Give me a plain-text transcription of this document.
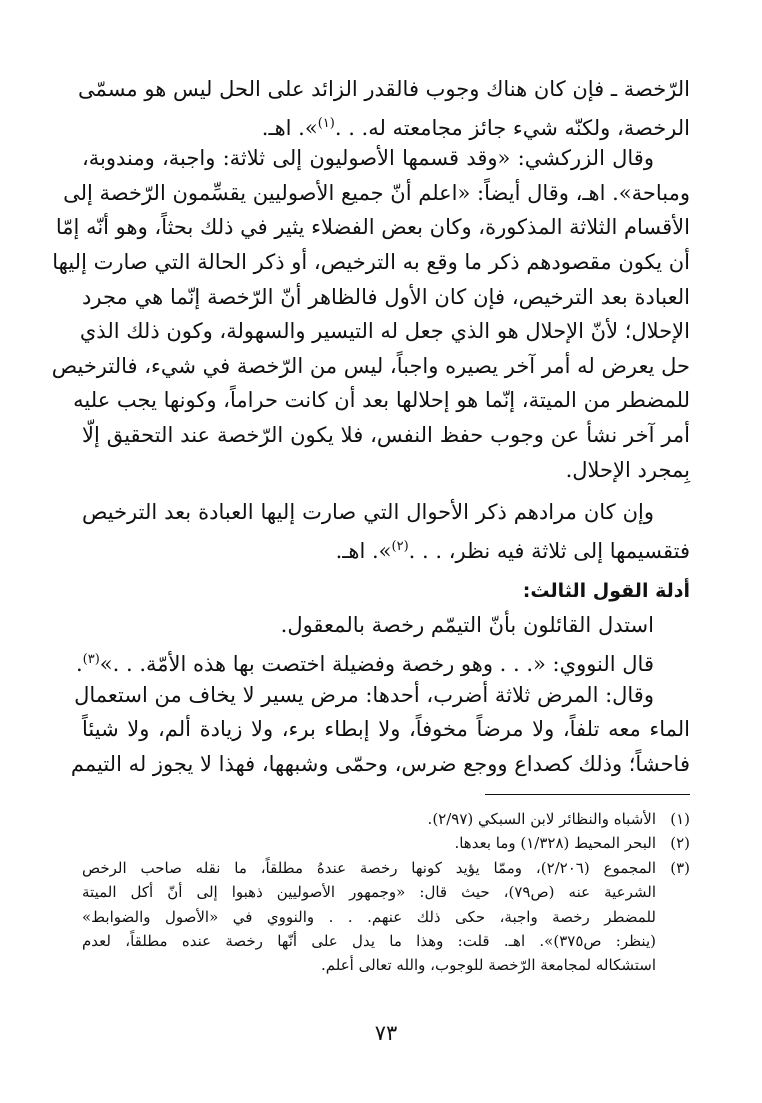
الرّخصة ـ فإن كان هناك وجوب فالقدر الزائد على الحل ليس هو مسمّى
الرخصة، ولكنّه شيء جائز مجامعته له. . .$^{(١)}$». اهـ.
وقال الزركشي: «وقد قسمها الأصوليون إلى ثلاثة: واجبة، ومندوبة،
ومباحة». اهـ، وقال أيضاً: «اعلم أنّ جميع الأصوليين يقسِّمون الرّخصة إلى
الأقسام الثلاثة المذكورة، وكان بعض الفضلاء يثير في ذلك بحثاً، وهو أنّه إمّا
أن يكون مقصودهم ذكر ما وقع به الترخيص، أو ذكر الحالة التي صارت إليها
العبادة بعد الترخيص، فإن كان الأول فالظاهر أنّ الرّخصة إنّما هي مجرد
الإحلال؛ لأنّ الإحلال هو الذي جعل له التيسير والسهولة، وكون ذلك الذي
حل يعرض له أمر آخر يصيره واجباً، ليس من الرّخصة في شيء، فالترخيص
للمضطر من الميتة، إنّما هو إحلالها بعد أن كانت حراماً، وكونها يجب عليه
أمر آخر نشأ عن وجوب حفظ النفس، فلا يكون الرّخصة عند التحقيق إلّا
بِمجرد الإحلال.
وإن كان مرادهم ذكر الأحوال التي صارت إليها العبادة بعد الترخيص
فتقسيمها إلى ثلاثة فيه نظر، . . .$^{(٢)}$». اهـ.
أدلة القول الثالث:
استدل القائلون بأنّ التيمّم رخصة بالمعقول.
قال النووي: «. . . وهو رخصة وفضيلة اختصت بها هذه الأمّة. . .»$^{(٣)}$.
وقال: المرض ثلاثة أضرب، أحدها: مرض يسير لا يخاف من استعمال
الماء معه تلفاً، ولا مرضاً مخوفاً، ولا إبطاء برء، ولا زيادة ألم، ولا شيئاً
فاحشاً؛ وذلك كصداع ووجع ضرس، وحمّى وشبهها، فهذا لا يجوز له التيمم
(١)
الأشباه والنظائر لابن السبكي (٢/٩٧).
(٢)
البحر المحيط (١/٣٢٨) وما بعدها.
(٣)
المجموع (٢/٢٠٦)، وممّا يؤيد كونها رخصة عندهُ مطلقاً، ما نقله صاحب الرخص
الشرعية عنه (ص٧٩)، حيث قال: «وجمهور الأصوليين ذهبوا إلى أنّ أكل الميتة
للمضطر رخصة واجبة، حكى ذلك عنهم. . . والنووي في «الأصول والضوابط»
(ينظر: ص٣٧٥)». اهـ. قلت: وهذا ما يدل على أنّها رخصة عنده مطلقاً، لعدم
استشكاله لمجامعة الرّخصة للوجوب، والله تعالى أعلم.
٧٣
